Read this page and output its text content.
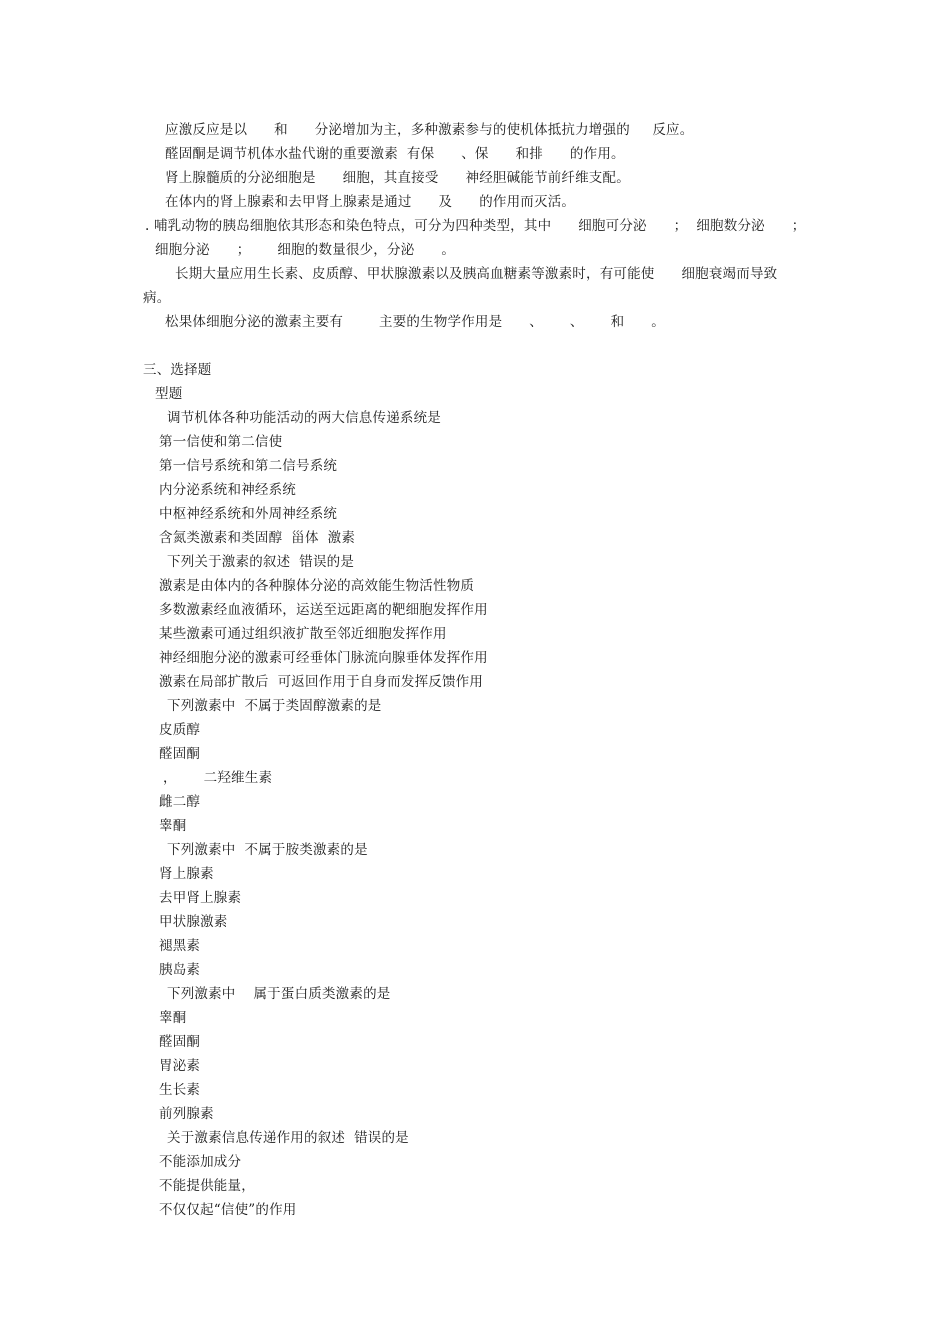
应激反应是以      和      分泌增加为主，多种激素参与的使机体抵抗力增强的     反应。
醛固酮是调节机体水盐代谢的重要激素  有保      、保      和排      的作用。
肾上腺髓质的分泌细胞是      细胞，其直接受      神经胆碱能节前纤维支配。
在体内的肾上腺素和去甲肾上腺素是通过      及      的作用而灭活。
. 哺乳动物的胰岛细胞依其形态和染色特点，可分为四种类型，其中      细胞可分泌      ；  细胞数分泌      ；
细胞分泌      ；      细胞的数量很少，分泌      。
长期大量应用生长素、皮质醇、甲状腺激素以及胰高血糖素等激素时，有可能使      细胞衰竭而导致
病。
松果体细胞分泌的激素主要有        主要的生物学作用是      、      、      和      。
三、选择题
型题
调节机体各种功能活动的两大信息传递系统是
第一信使和第二信使
第一信号系统和第二信号系统
内分泌系统和神经系统
中枢神经系统和外周神经系统
含氮类激素和类固醇  甾体  激素
下列关于激素的叙述  错误的是
激素是由体内的各种腺体分泌的高效能生物活性物质
多数激素经血液循环，运送至远距离的靶细胞发挥作用
某些激素可通过组织液扩散至邻近细胞发挥作用
神经细胞分泌的激素可经垂体门脉流向腺垂体发挥作用
激素在局部扩散后  可返回作用于自身而发挥反馈作用
下列激素中  不属于类固醇激素的是
皮质醇
醛固酮
，      二羟维生素
雌二醇
睾酮
下列激素中  不属于胺类激素的是
肾上腺素
去甲肾上腺素
甲状腺激素
褪黑素
胰岛素
下列激素中    属于蛋白质类激素的是
睾酮
醛固酮
胃泌素
生长素
前列腺素
关于激素信息传递作用的叙述  错误的是
不能添加成分
不能提供能量，
不仅仅起“信使”的作用
